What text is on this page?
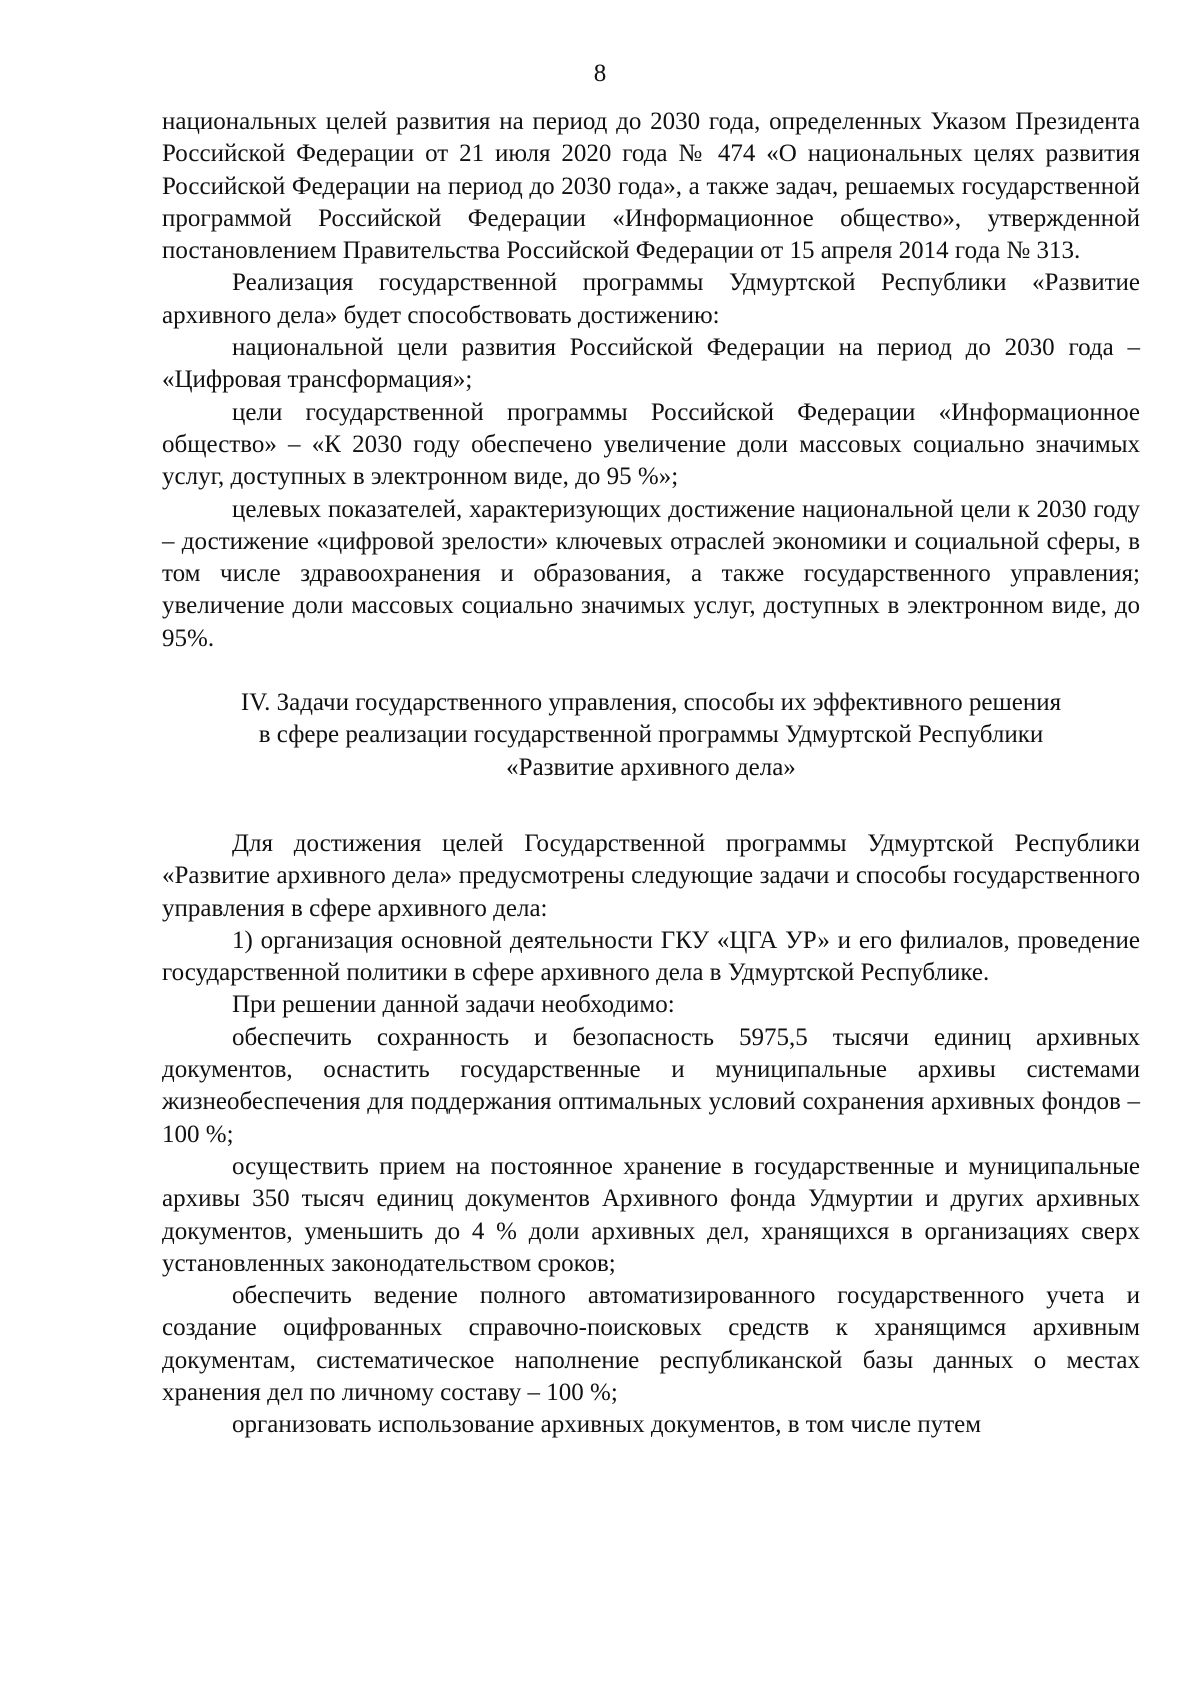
8

национальных целей развития на период до 2030 года, определенных Указом Президента Российской Федерации от 21 июля 2020 года № 474 «О национальных целях развития Российской Федерации на период до 2030 года», а также задач, решаемых государственной программой Российской Федерации «Информационное общество», утвержденной постановлением Правительства Российской Федерации от 15 апреля 2014 года № 313.

Реализация государственной программы Удмуртской Республики «Развитие архивного дела» будет способствовать достижению:

национальной цели развития Российской Федерации на период до 2030 года – «Цифровая трансформация»;

цели государственной программы Российской Федерации «Информационное общество» – «К 2030 году обеспечено увеличение доли массовых социально значимых услуг, доступных в электронном виде, до 95 %»;

целевых показателей, характеризующих достижение национальной цели к 2030 году – достижение «цифровой зрелости» ключевых отраслей экономики и социальной сферы, в том числе здравоохранения и образования, а также государственного управления; увеличение доли массовых социально значимых услуг, доступных в электронном виде, до 95%.

IV. Задачи государственного управления, способы их эффективного решения
в сфере реализации государственной программы Удмуртской Республики
«Развитие архивного дела»

Для достижения целей Государственной программы Удмуртской Республики «Развитие архивного дела» предусмотрены следующие задачи и способы государственного управления в сфере архивного дела:

1) организация основной деятельности ГКУ «ЦГА УР» и его филиалов, проведение государственной политики в сфере архивного дела в Удмуртской Республике.

При решении данной задачи необходимо:

обеспечить сохранность и безопасность 5975,5 тысячи единиц архивных документов, оснастить государственные и муниципальные архивы системами жизнеобеспечения для поддержания оптимальных условий сохранения архивных фондов – 100 %;

осуществить прием на постоянное хранение в государственные и муниципальные архивы 350 тысяч единиц документов Архивного фонда Удмуртии и других архивных документов, уменьшить до 4 % доли архивных дел, хранящихся в организациях сверх установленных законодательством сроков;

обеспечить ведение полного автоматизированного государственного учета и создание оцифрованных справочно-поисковых средств к хранящимся архивным документам, систематическое наполнение республиканской базы данных о местах хранения дел по личному составу – 100 %;

организовать использование архивных документов, в том числе путем
